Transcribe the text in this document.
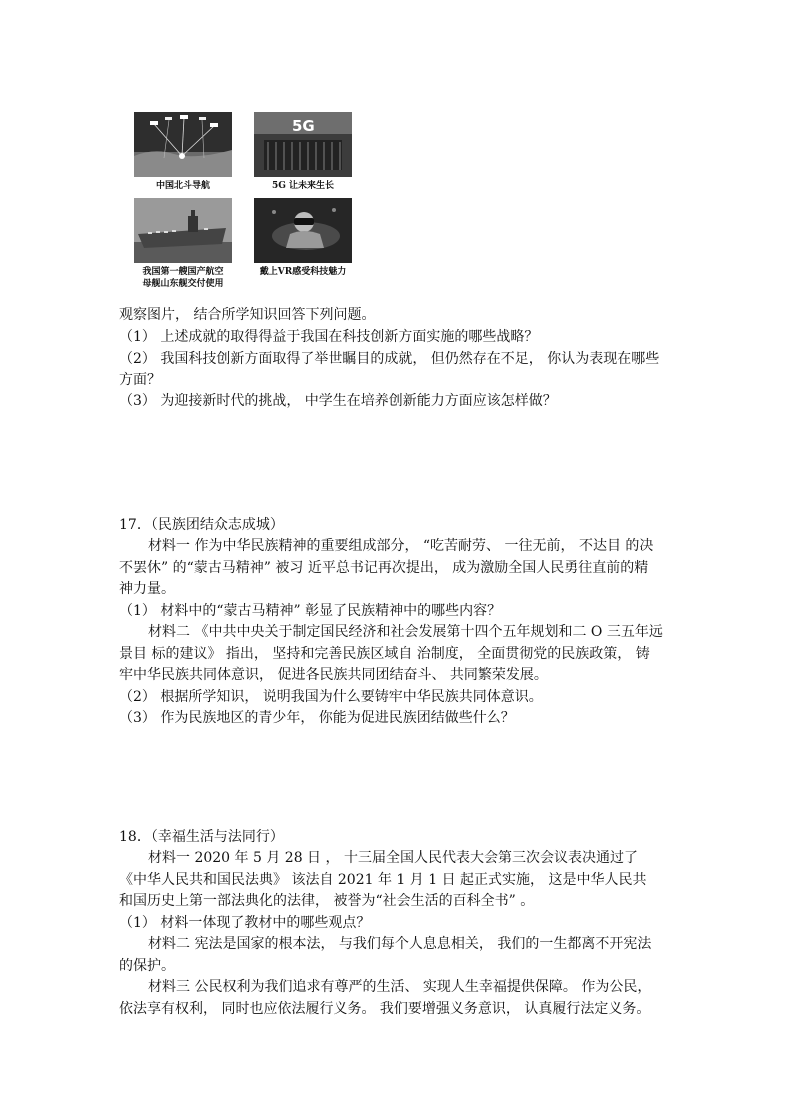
中国北斗导航
5G
5G 让未来生长
我国第一艘国产航空
母舰山东舰交付使用
戴上VR感受科技魅力
观察图片， 结合所学知识回答下列问题。
（1） 上述成就的取得得益于我国在科技创新方面实施的哪些战略？
（2） 我国科技创新方面取得了举世瞩目的成就， 但仍然存在不足， 你认为表现在哪些
方面？
（3） 为迎接新时代的挑战， 中学生在培养创新能力方面应该怎样做？
17．（民族团结众志成城）
材料一 作为中华民族精神的重要组成部分， “吃苦耐劳、 一往无前， 不达目 的决
不罢休” 的“蒙古马精神” 被习 近平总书记再次提出， 成为激励全国人民勇往直前的精
神力量。
（1） 材料中的“蒙古马精神” 彰显了民族精神中的哪些内容？
材料二 《中共中央关于制定国民经济和社会发展第十四个五年规划和二 O 三五年远
景目 标的建议》 指出， 坚持和完善民族区域自 治制度， 全面贯彻党的民族政策， 铸
牢中华民族共同体意识， 促进各民族共同团结奋斗、 共同繁荣发展。
（2） 根据所学知识， 说明我国为什么要铸牢中华民族共同体意识。
（3） 作为民族地区的青少年， 你能为促进民族团结做些什么？
18．（幸福生活与法同行）
材料一 2020 年 5 月 28 日 ， 十三届全国人民代表大会第三次会议表决通过了
《中华人民共和国民法典》 该法自 2021 年 1 月 1 日 起正式实施， 这是中华人民共
和国历史上第一部法典化的法律， 被誉为“社会生活的百科全书” 。
（1） 材料一体现了教材中的哪些观点？
材料二 宪法是国家的根本法， 与我们每个人息息相关， 我们的一生都离不开宪法
的保护。
材料三 公民权利为我们追求有尊严的生活、 实现人生幸福提供保障。 作为公民，
依法享有权利， 同时也应依法履行义务。 我们要增强义务意识， 认真履行法定义务。
